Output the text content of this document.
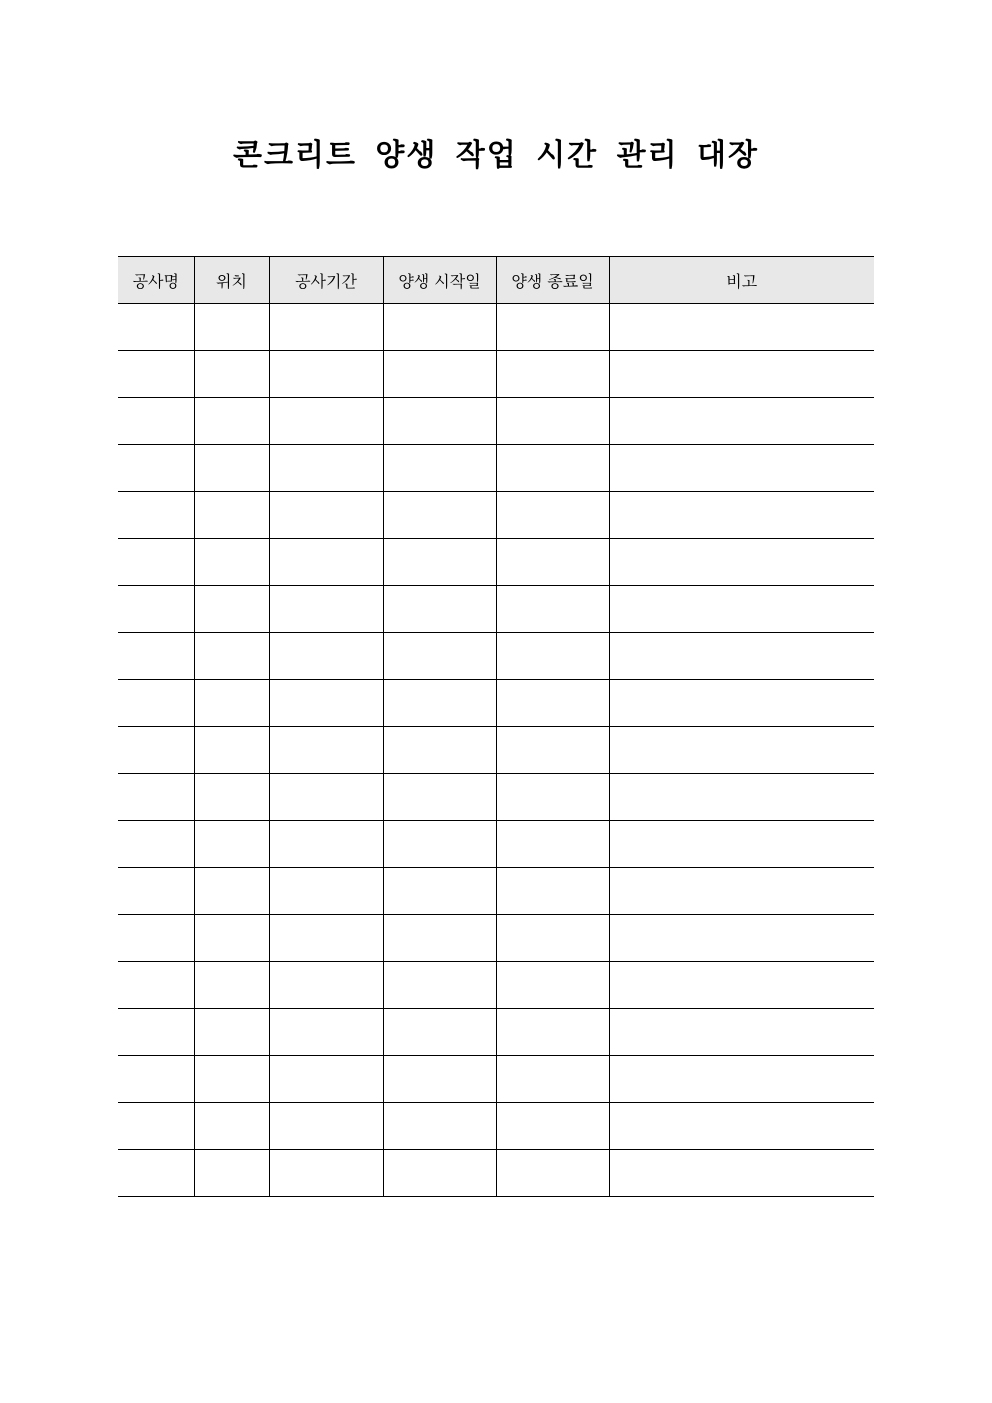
콘크리트 양생 작업 시간 관리 대장
공사명	위치	공사기간	양생 시작일	양생 종료일	비고
